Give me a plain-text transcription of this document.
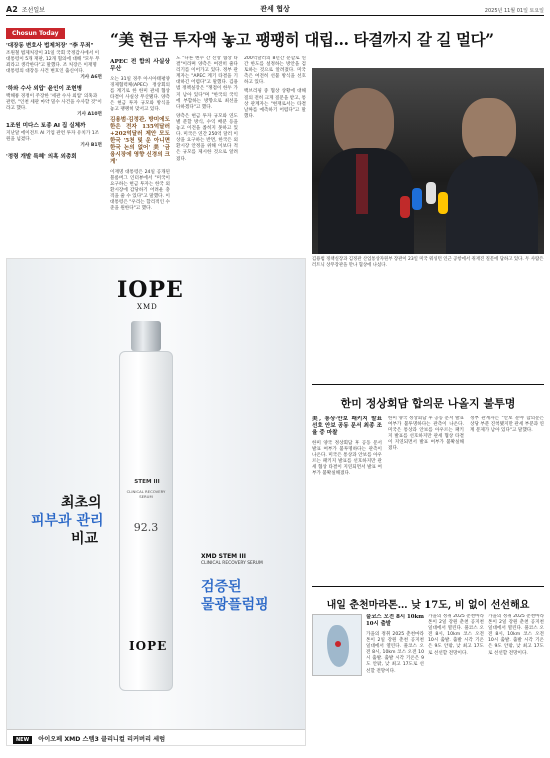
A2 조선일보	관세 협상	2025년 11월 01일 토요일
Chosun Today
'대장동 변호사 법제처장' "李 무죄"
조원철 법제처장이 31일 국회 국정감사에서 이 대통령이 5개 재판, 12개 혐의에 대해 "모두 무죄라고 생각한다"고 말했다. 조 처장은 이재명 대통령의 대장동 사건 변호인 출신이다.
기사 A6면
'하와 수사 외압' 윤인이 조현병
백해룡 경정이 주장한 '세관 수사 외압' 의혹과 관련, "인천 세관 마약 밀수 사건을 수사할 것"이라고 했다.
기사 A10면
1조원 미다스 토종 AI 집 실체까
지난달 에이전트 AI 기업 관련 투자 유치가 1조원을 넘겼다.
기사 B1면
'정령 개발 특혜' 의혹 외총회
“美 현금 투자액 놓고 팽팽히 대립… 타결까지 갈 길 멀다”
APEC 전 합의 사실상 무산

오는 31일 경주 아시아태평양경제협력체(APEC) 정상회의를 계기로 한 한미 관세 협상 타결이 사실상 무산됐다. 양측은 현금 투자 규모와 방식을 놓고 팽팽히 맞서고 있다.

김용범·김정관, 방미에도 한은 전자 135억달러+202억달러 제안 모도 한국 '5천 및 운 아니면 한국 논의 없어' 美 '금융시장에 영향 신경의 크게'

이재명 대통령은 24일 공개된 블룸버그 인터뷰에서 "미국이 요구하는 현금 투자는 한국 외환시장에 감당하기 어려운 충격을 줄 수 있다"고 말했다. 이 대통령은 "우리는 합리적인 수준을 원한다"고 했다.

도 "다른 변수 간 신앙 협상 타결"이라며 양측은 여전히 줄다리기를 이어가고 있다. 정부 관계자는 "APEC 계기 타결을 기대하긴 어렵다"고 말했다. 김용범 정책실장은 "쟁점이 한두 가지 남아 있다"며 "한국의 국익에 부합하는 방향으로 최선을 다하겠다"고 했다.

양측은 현금 투자 규모와 연도별 분할 방식, 수익 배분 등을 놓고 이견을 좁히지 못하고 있다. 미국은 연간 250억 달러 이상을 요구하는 반면, 한국은 외환시장 안정을 위해 이보다 적은 규모를 제시한 것으로 알려졌다.

200억달러의 8년간 분할로 연간 한도를 설정하는 방안을 검토하는 것으로 알려졌다. 미국 측은 여전히 선불 방식을 선호하고 있다.

백브리핑 중 협상 상황에 대해 질의 전히 크게 질문을 받고, 통상 관계자는 "현재로서는 타결 날짜를 예측하기 어렵다"고 말했다.

김용범 정책실장과 김정관 산업통상자원부 장관이 23일 미국 워싱턴 인근 공항에서 취재진 질문에 답하고 있다. 두 사람은 러트닉 상무장관을 만나 협상에 나섰다.
IOPE
XMD
STEM III
CLINICAL RECOVERY SERUM
92.3
IOPE
최초의
피부과 관리
비교
XMD STEM III
CLINICAL RECOVERY SERUM
검증된
물광플럼핑
NEW 아이오페 XMD 스템3 클리니컬 리커버리 세럼
한미 정상회담 합의문 나올지 불투명
美, 통상·안보 패키지 발표 선호 안보 공동 문서 최종 조율 중 마찰

한미 양국 정상회담 후 공동 문서 발표 여부가 불투명하다는 관측이 나온다. 미국은 통상과 안보를 아우르는 패키지 발표를 선호하지만 관세 협상 타결이 지연되면서 발표 여부가 불확실해졌다.

한미 양국 정상회담 후 공동 문서 발표 여부가 불투명하다는 관측이 나온다. 미국은 통상과 안보를 아우르는 패키지 발표를 선호하지만 관세 협상 타결이 지연되면서 발표 여부가 불확실해졌다.

정부 관계자는 "안보 분야 합의문은 상당 부분 진척됐지만 관세 부분과 연계 문제가 남아 있다"고 말했다.

내일 춘천마라톤… 낮 17도, 비 없이 선선해요
풀코스 오전 8시 10km 10시 출발

가을의 정취 2025 춘천마라톤이 2일 강원 춘천 공지천 일대에서 열린다. 풀코스 오전 8시, 10km 코스 오전 10시 출발. 출발 시각 기온은 9도 안팎, 낮 최고 17도로 선선할 전망이다.

가을의 정취 2025 춘천마라톤이 2일 강원 춘천 공지천 일대에서 열린다. 풀코스 오전 8시, 10km 코스 오전 10시 출발. 출발 시각 기온은 9도 안팎, 낮 최고 17도로 선선할 전망이다.

가을의 정취 2025 춘천마라톤이 2일 강원 춘천 공지천 일대에서 열린다. 풀코스 오전 8시, 10km 코스 오전 10시 출발. 출발 시각 기온은 9도 안팎, 낮 최고 17도로 선선할 전망이다.
